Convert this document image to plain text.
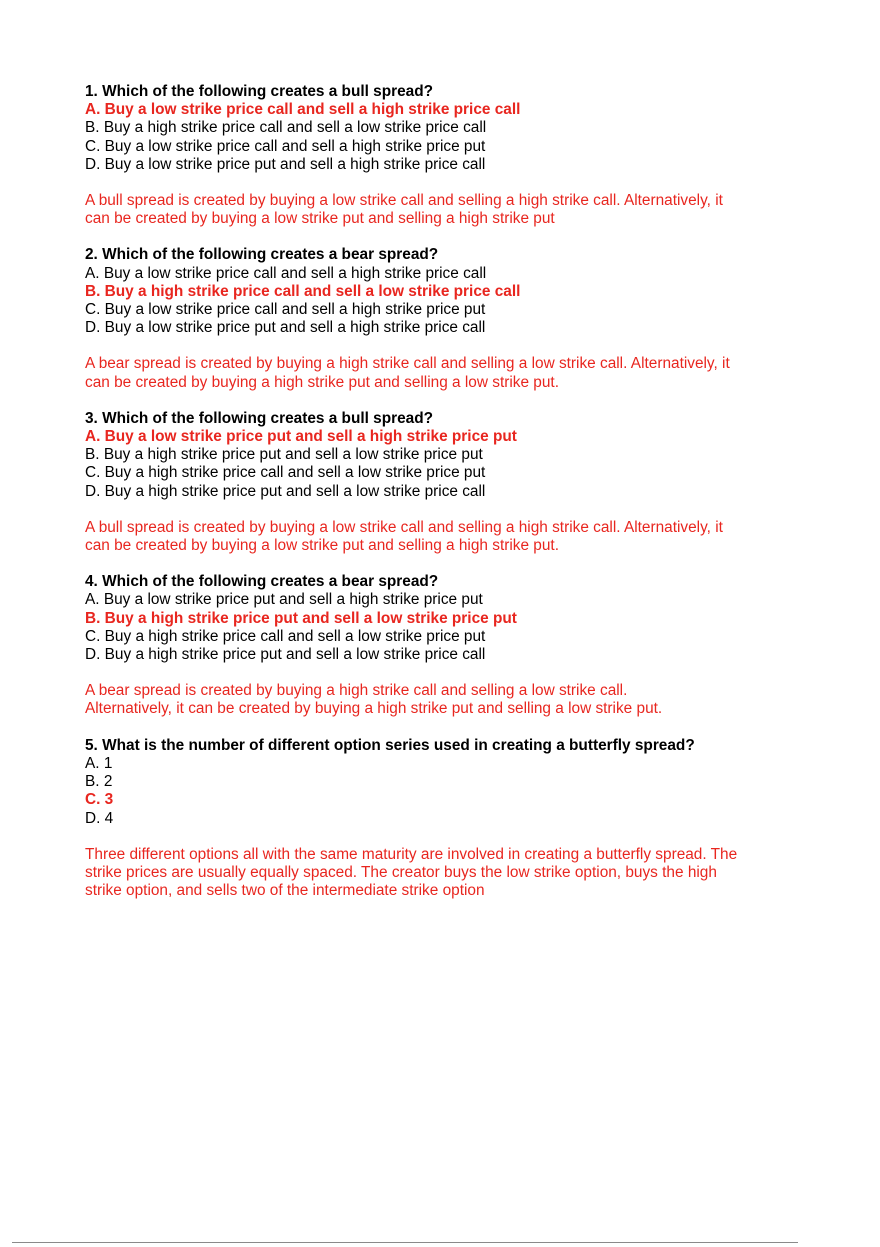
1. Which of the following creates a bull spread?
A. Buy a low strike price call and sell a high strike price call
B. Buy a high strike price call and sell a low strike price call
C. Buy a low strike price call and sell a high strike price put
D. Buy a low strike price put and sell a high strike price call
A bull spread is created by buying a low strike call and selling a high strike call. Alternatively, it
can be created by buying a low strike put and selling a high strike put
2. Which of the following creates a bear spread?
A. Buy a low strike price call and sell a high strike price call
B. Buy a high strike price call and sell a low strike price call
C. Buy a low strike price call and sell a high strike price put
D. Buy a low strike price put and sell a high strike price call
A bear spread is created by buying a high strike call and selling a low strike call. Alternatively, it
can be created by buying a high strike put and selling a low strike put.
3. Which of the following creates a bull spread?
A. Buy a low strike price put and sell a high strike price put
B. Buy a high strike price put and sell a low strike price put
C. Buy a high strike price call and sell a low strike price put
D. Buy a high strike price put and sell a low strike price call
A bull spread is created by buying a low strike call and selling a high strike call. Alternatively, it
can be created by buying a low strike put and selling a high strike put.
4. Which of the following creates a bear spread?
A. Buy a low strike price put and sell a high strike price put
B. Buy a high strike price put and sell a low strike price put
C. Buy a high strike price call and sell a low strike price put
D. Buy a high strike price put and sell a low strike price call
A bear spread is created by buying a high strike call and selling a low strike call.
Alternatively, it can be created by buying a high strike put and selling a low strike put.
5. What is the number of different option series used in creating a butterfly spread?
A. 1
B. 2
C. 3
D. 4
Three different options all with the same maturity are involved in creating a butterfly spread. The
strike prices are usually equally spaced. The creator buys the low strike option, buys the high
strike option, and sells two of the intermediate strike option
